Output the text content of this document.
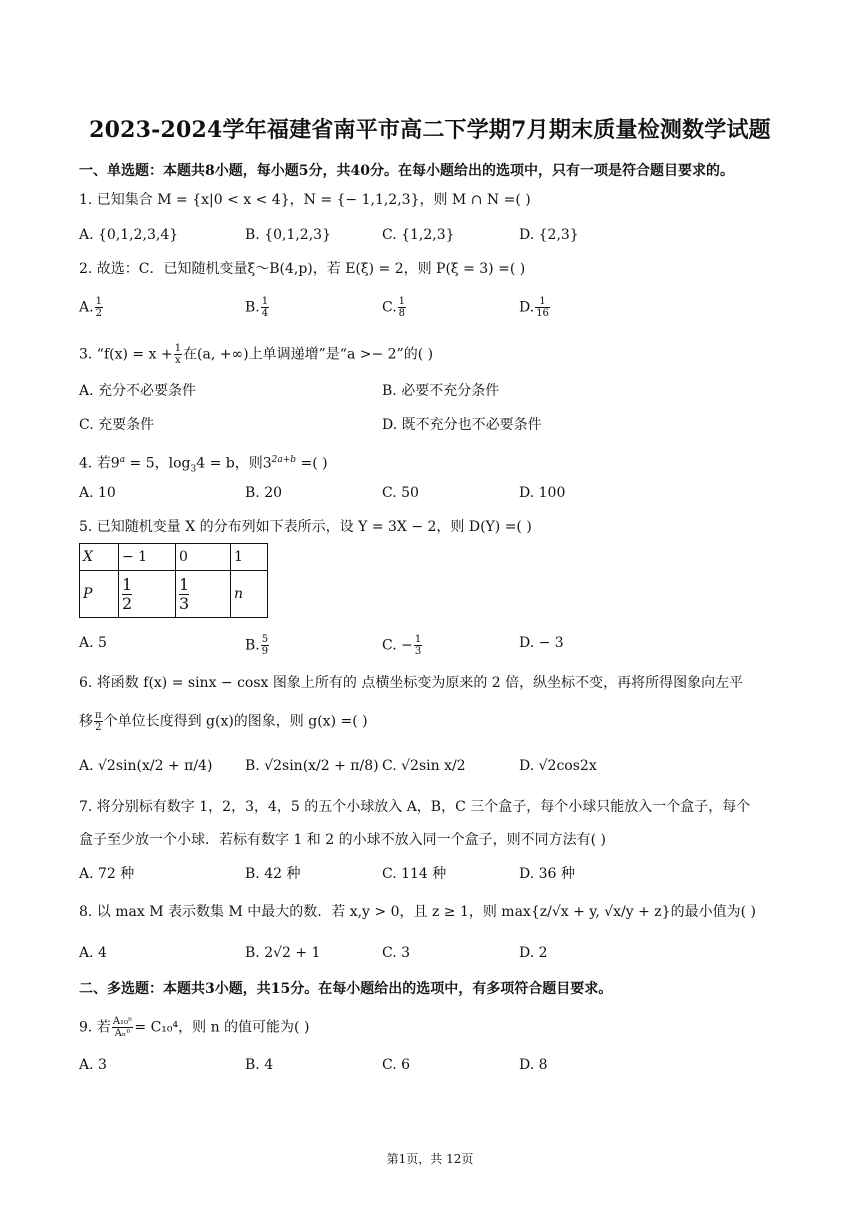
2023-2024学年福建省南平市高二下学期7月期末质量检测数学试题
一、单选题：本题共8小题，每小题5分，共40分。在每小题给出的选项中，只有一项是符合题目要求的。
1. 已知集合 M = {x|0 < x < 4}，N = {− 1,1,2,3}，则 M ∩ N =( )
A. {0,1,2,3,4}	B. {0,1,2,3}	C. {1,2,3}	D. {2,3}
2. 故选：C．已知随机变量ξ～B(4,p)，若 E(ξ) = 2，则 P(ξ = 3) =( )
A. $\frac{1}{2}$	B. $\frac{1}{4}$	C. $\frac{1}{8}$	D. $\frac{1}{16}$
3. “$f(x) = x + \frac{1}{x}$ 在(a, +∞)上单调递增”是“a >− 2”的( )
A. 充分不必要条件	B. 必要不充分条件
C. 充要条件	D. 既不充分也不必要条件
4. 若$9^a = 5$，$\log_34 = b$，则$3^{2a+b}$ =( )
A. 10	B. 20	C. 50	D. 100
5. 已知随机变量 X 的分布列如下表所示，设 Y = 3X − 2，则 D(Y) =( )
X	− 1	0	1
P	$\frac{1}{2}$	$\frac{1}{3}$	n
A. 5	B. $\frac{5}{9}$	C. − $\frac{1}{3}$	D. − 3
6. 将函数 f(x) = sinx − cosx 图象上所有的 点横坐标变为原来的 2 倍，纵坐标不变，再将所得图象向左平
移 $\frac{\pi}{2}$ 个单位长度得到 g(x)的图象，则 g(x) =( )
A. √2sin(x/2 + π/4) B. √2sin(x/2 + π/8) C. √2sin x/2	D. √2cos2x
7. 将分别标有数字 1，2，3，4，5 的五个小球放入 A，B，C 三个盒子，每个小球只能放入一个盒子，每个
盒子至少放一个小球．若标有数字 1 和 2 的小球不放入同一个盒子，则不同方法有( )
A. 72 种	B. 42 种	C. 114 种	D. 36 种
8. 以 max M 表示数集 M 中最大的数．若 x,y > 0，且 z ≥ 1，则 max{z/√x + y, √x/y + z}的最小值为( )
A. 4	B. 2√2 + 1	C. 3	D. 2
二、多选题：本题共3小题，共15分。在每小题给出的选项中，有多项符合题目要求。
9. 若 $\frac{\text{A₁₀ⁿ}}{\text{Aₙⁿ}} = C_{10}^4$，则 n 的值可能为( )
A. 3	B. 4	C. 6	D. 8
第1页，共 12页
